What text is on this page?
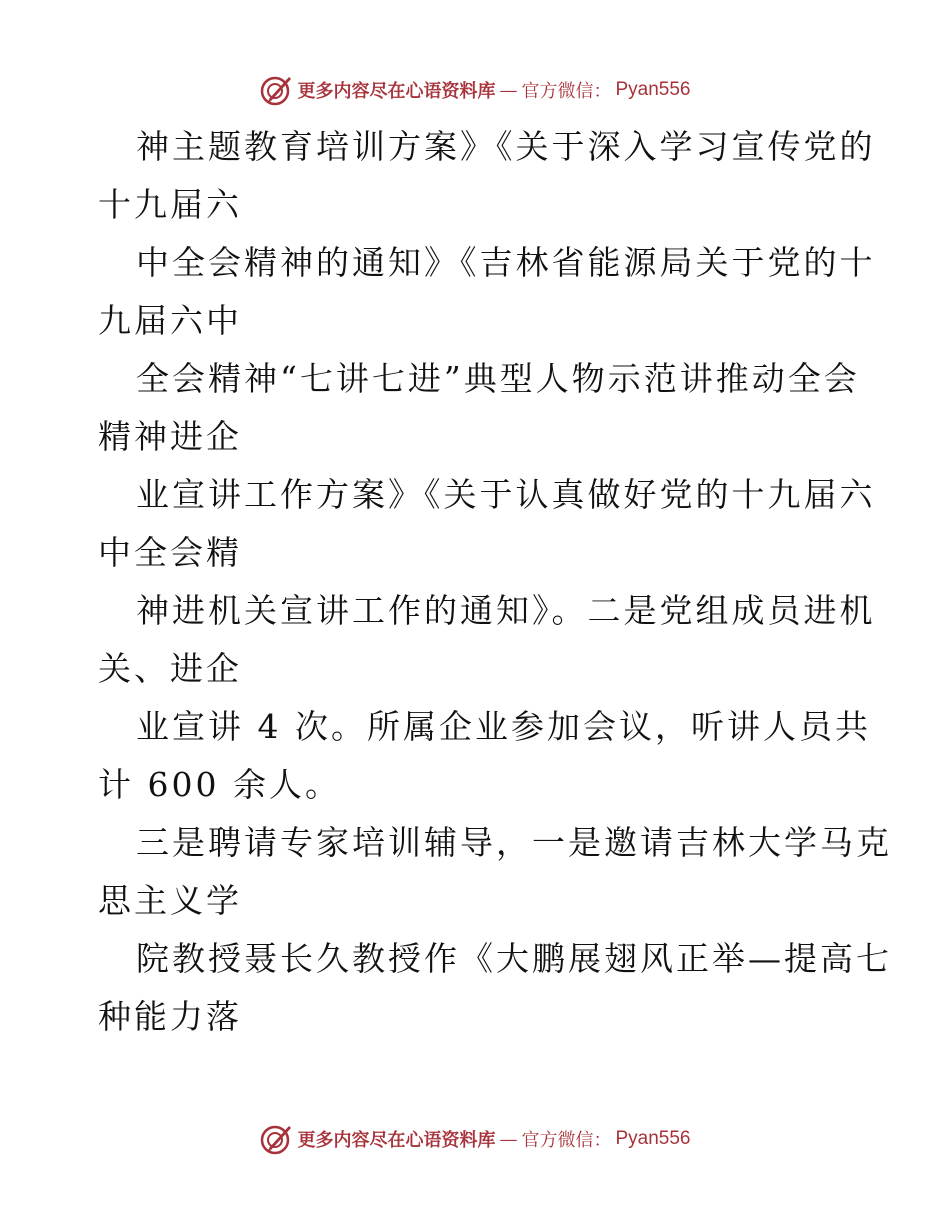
更多内容尽在心语资料库 — 官方微信： Pyan556
神主题教育培训方案》《关于深入学习宣传党的
十九届六
中全会精神的通知》《吉林省能源局关于党的十
九届六中
全会精神“七讲七进”典型人物示范讲推动全会
精神进企
业宣讲工作方案》《关于认真做好党的十九届六
中全会精
神进机关宣讲工作的通知》。二是党组成员进机
关、进企
业宣讲 4 次。所属企业参加会议，听讲人员共
计 600 余人。
三是聘请专家培训辅导，一是邀请吉林大学马克
思主义学
院教授聂长久教授作《大鹏展翅风正举—提高七
种能力落
更多内容尽在心语资料库 — 官方微信： Pyan556
